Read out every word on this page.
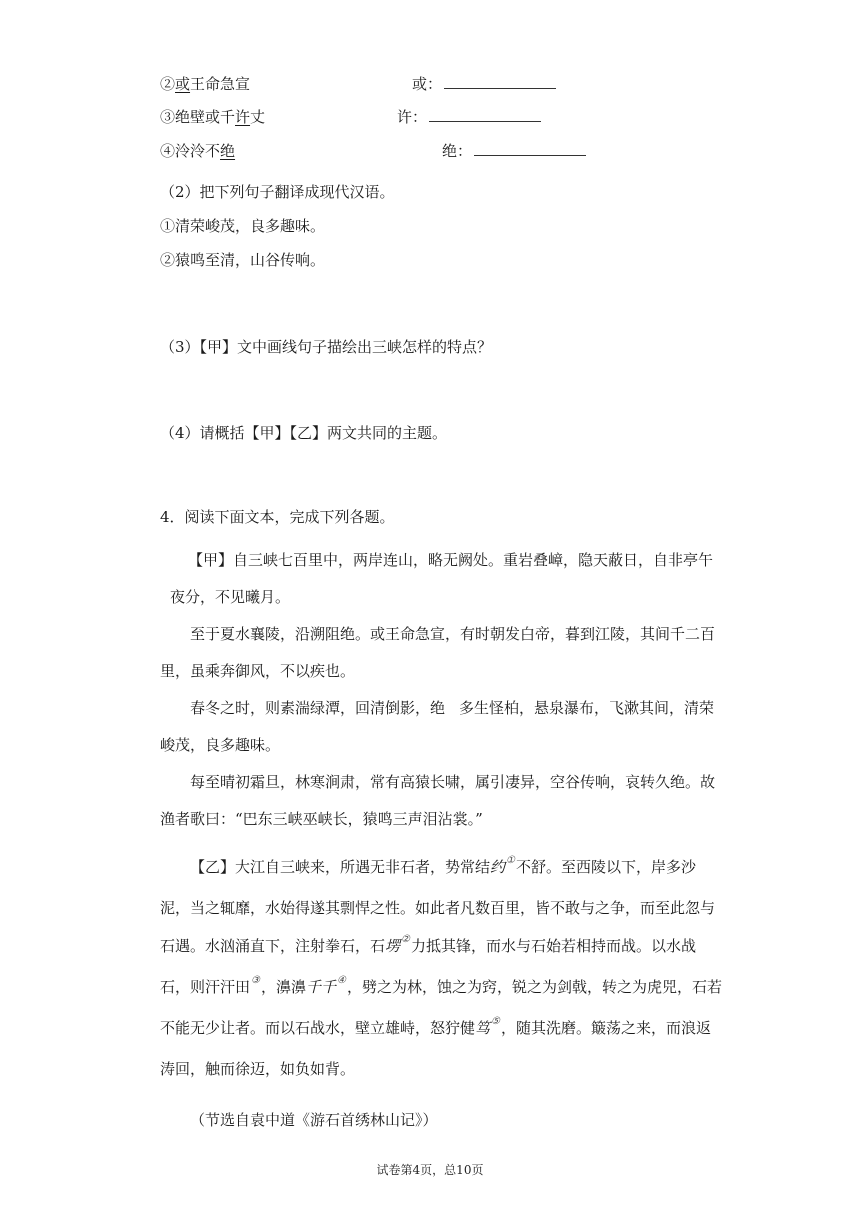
②或王命急宣	或：
③绝壁或千许丈	许：
④泠泠不绝	绝：
（2）把下列句子翻译成现代汉语。
①清荣峻茂，良多趣味。
②猿鸣至清，山谷传响。
（3）【甲】文中画线句子描绘出三峡怎样的特点？
（4）请概括【甲】【乙】两文共同的主题。
4．阅读下面文本，完成下列各题。
【甲】自三峡七百里中，两岸连山，略无阙处。重岩叠嶂，隐天蔽日，自非亭午夜分，不见曦月。
至于夏水襄陵，沿溯阻绝。或王命急宣，有时朝发白帝，暮到江陵，其间千二百里，虽乘奔御风，不以疾也。
春冬之时，则素湍绿潭，回清倒影，绝 多生怪柏，悬泉瀑布，飞漱其间，清荣峻茂，良多趣味。
每至晴初霜旦，林寒涧肃，常有高猿长啸，属引凄异，空谷传响，哀转久绝。故渔者歌曰：“巴东三峡巫峡长，猿鸣三声泪沾裳。”
【乙】大江自三峡来，所遇无非石者，势常结约①不舒。至西陵以下，岸多沙泥，当之辄靡，水始得遂其剽悍之性。如此者凡数百里，皆不敢与之争，而至此忽与石遇。水汹涌直下，注射拳石，石塄②力抵其锋，而水与石始若相持而战。以水战石，则汗汗田③，濞濞千千④，劈之为林，蚀之为窍，锐之为剑戟，转之为虎兕，石若不能无少让者。而以石战水，壁立雄峙，怒狞健笃⑤，随其洗磨。簸荡之来，而浪返涛回，触而徐迈，如负如背。
（节选自袁中道《游石首绣林山记》）
试卷第4页，总10页
